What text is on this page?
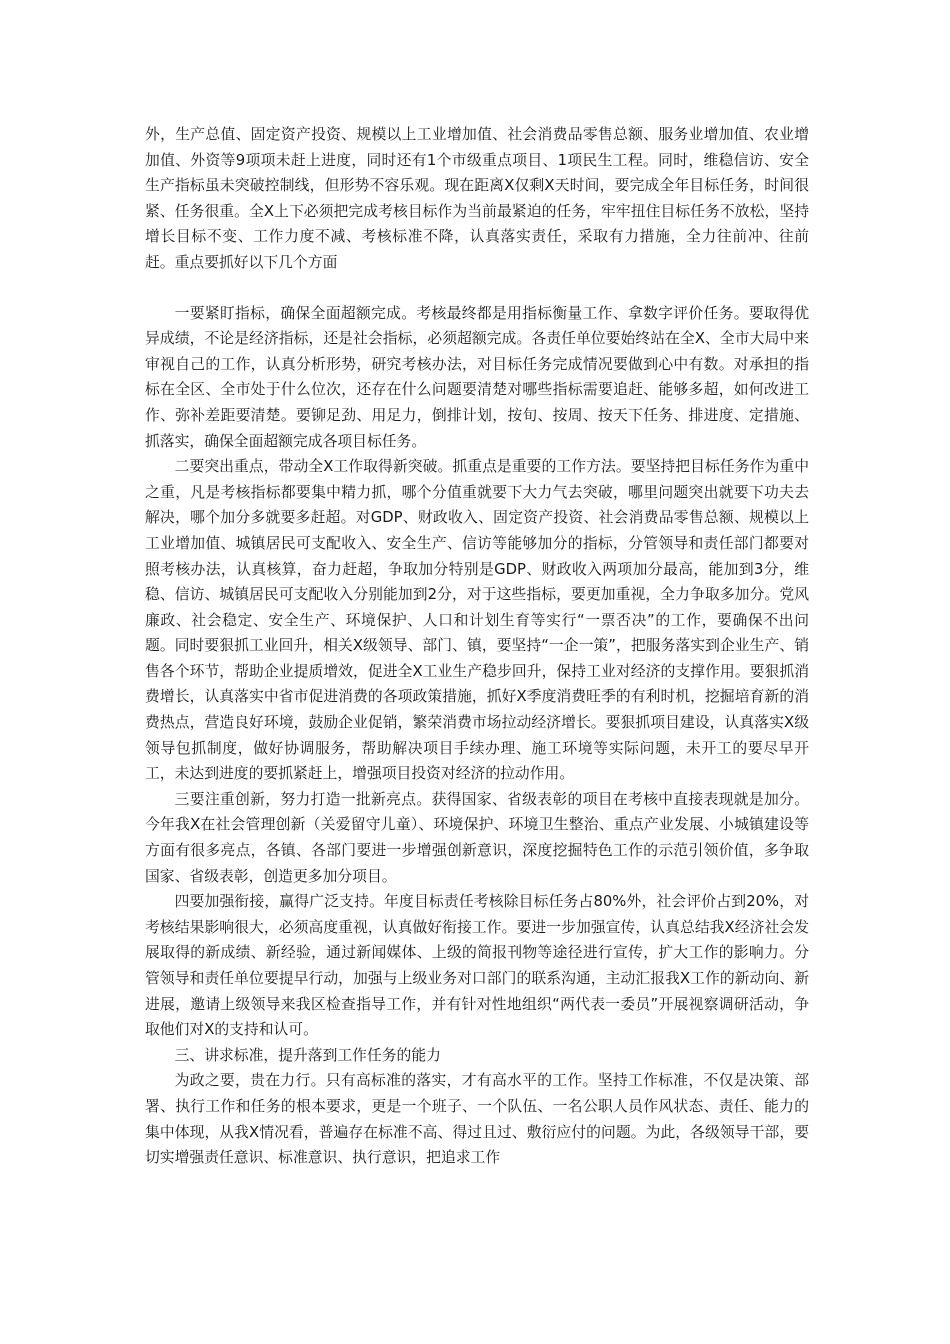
外，生产总值、固定资产投资、规模以上工业增加值、社会消费品零售总额、服务业增加值、农业增加值、外资等9项项未赶上进度，同时还有1个市级重点项目、1项民生工程。同时，维稳信访、安全生产指标虽未突破控制线，但形势不容乐观。现在距离X仅剩X天时间，要完成全年目标任务，时间很紧、任务很重。全X上下必须把完成考核目标作为当前最紧迫的任务，牢牢扭住目标任务不放松，坚持增长目标不变、工作力度不减、考核标准不降，认真落实责任，采取有力措施，全力往前冲、往前赶。重点要抓好以下几个方面

一要紧盯指标，确保全面超额完成。考核最终都是用指标衡量工作、拿数字评价任务。要取得优异成绩，不论是经济指标，还是社会指标，必须超额完成。各责任单位要始终站在全X、全市大局中来审视自己的工作，认真分析形势，研究考核办法，对目标任务完成情况要做到心中有数。对承担的指标在全区、全市处于什么位次，还存在什么问题要清楚对哪些指标需要追赶、能够多超，如何改进工作、弥补差距要清楚。要铆足劲、用足力，倒排计划，按旬、按周、按天下任务、排进度、定措施、抓落实，确保全面超额完成各项目标任务。

二要突出重点，带动全X工作取得新突破。抓重点是重要的工作方法。要坚持把目标任务作为重中之重，凡是考核指标都要集中精力抓，哪个分值重就要下大力气去突破，哪里问题突出就要下功夫去解决，哪个加分多就要多赶超。对GDP、财政收入、固定资产投资、社会消费品零售总额、规模以上工业增加值、城镇居民可支配收入、安全生产、信访等能够加分的指标，分管领导和责任部门都要对照考核办法，认真核算，奋力赶超，争取加分特别是GDP、财政收入两项加分最高，能加到3分，维稳、信访、城镇居民可支配收入分别能加到2分，对于这些指标，要更加重视，全力争取多加分。党风廉政、社会稳定、安全生产、环境保护、人口和计划生育等实行“一票否决”的工作，要确保不出问题。同时要狠抓工业回升，相关X级领导、部门、镇，要坚持“一企一策”，把服务落实到企业生产、销售各个环节，帮助企业提质增效，促进全X工业生产稳步回升，保持工业对经济的支撑作用。要狠抓消费增长，认真落实中省市促进消费的各项政策措施，抓好X季度消费旺季的有利时机，挖掘培育新的消费热点，营造良好环境，鼓励企业促销，繁荣消费市场拉动经济增长。要狠抓项目建设，认真落实X级领导包抓制度，做好协调服务，帮助解决项目手续办理、施工环境等实际问题，未开工的要尽早开工，未达到进度的要抓紧赶上，增强项目投资对经济的拉动作用。

三要注重创新，努力打造一批新亮点。获得国家、省级表彰的项目在考核中直接表现就是加分。今年我X在社会管理创新（关爱留守儿童）、环境保护、环境卫生整治、重点产业发展、小城镇建设等方面有很多亮点，各镇、各部门要进一步增强创新意识，深度挖掘特色工作的示范引领价值，多争取国家、省级表彰，创造更多加分项目。

四要加强衔接，赢得广泛支持。年度目标责任考核除目标任务占80%外，社会评价占到20%，对考核结果影响很大，必须高度重视，认真做好衔接工作。要进一步加强宣传，认真总结我X经济社会发展取得的新成绩、新经验，通过新闻媒体、上级的简报刊物等途径进行宣传，扩大工作的影响力。分管领导和责任单位要提早行动，加强与上级业务对口部门的联系沟通，主动汇报我X工作的新动向、新进展，邀请上级领导来我区检查指导工作，并有针对性地组织“两代表一委员”开展视察调研活动，争取他们对X的支持和认可。

三、讲求标准，提升落到工作任务的能力

为政之要，贵在力行。只有高标准的落实，才有高水平的工作。坚持工作标准，不仅是决策、部署、执行工作和任务的根本要求，更是一个班子、一个队伍、一名公职人员作风状态、责任、能力的集中体现，从我X情况看，普遍存在标准不高、得过且过、敷衍应付的问题。为此，各级领导干部，要切实增强责任意识、标准意识、执行意识，把追求工作
